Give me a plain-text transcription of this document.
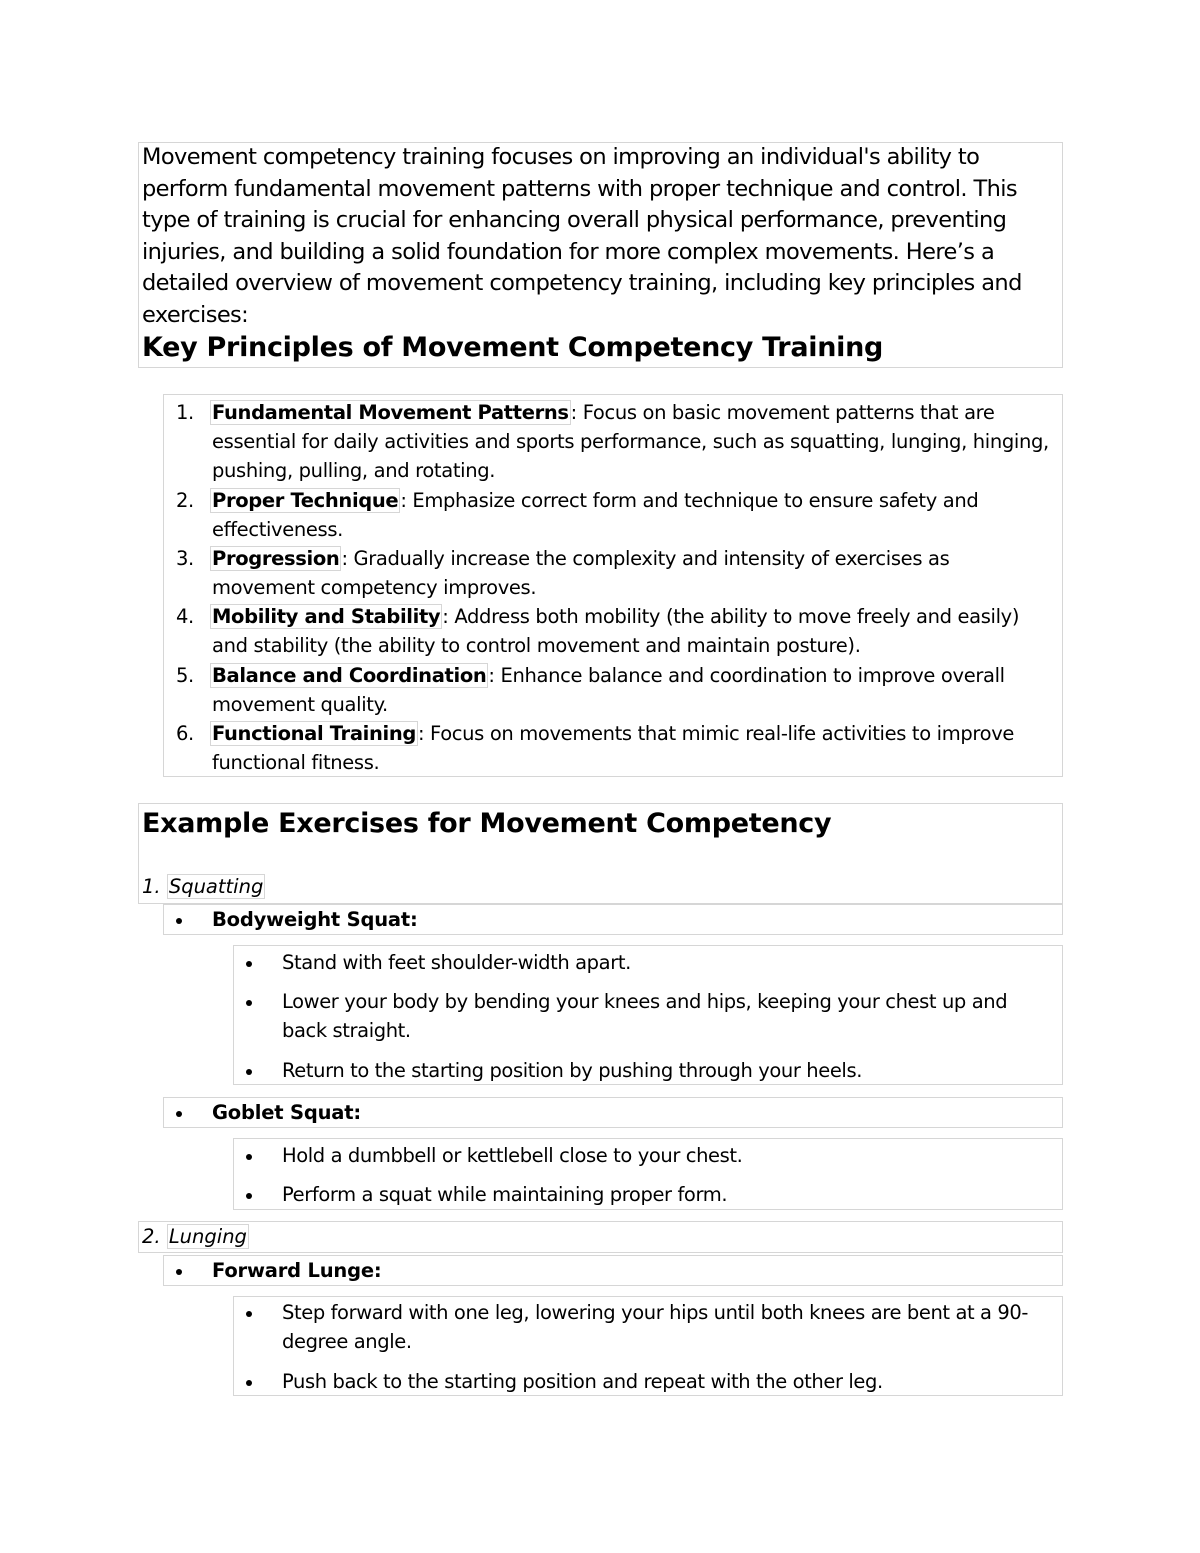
Movement competency training focuses on improving an individual's ability to perform fundamental movement patterns with proper technique and control. This type of training is crucial for enhancing overall physical performance, preventing injuries, and building a solid foundation for more complex movements. Here’s a detailed overview of movement competency training, including key principles and exercises:

Key Principles of Movement Competency Training
1. Fundamental Movement Patterns : Focus on basic movement patterns that are essential for daily activities and sports performance, such as squatting, lunging, hinging, pushing, pulling, and rotating.
2. Proper Technique : Emphasize correct form and technique to ensure safety and effectiveness.
3. Progression : Gradually increase the complexity and intensity of exercises as movement competency improves.
4. Mobility and Stability : Address both mobility (the ability to move freely and easily) and stability (the ability to control movement and maintain posture).
5. Balance and Coordination : Enhance balance and coordination to improve overall movement quality.
6. Functional Training : Focus on movements that mimic real-life activities to improve functional fitness.
Example Exercises for Movement Competency
1. Squatting
Bodyweight Squat:
Stand with feet shoulder-width apart.
Lower your body by bending your knees and hips, keeping your chest up and back straight.
Return to the starting position by pushing through your heels.
Goblet Squat:
Hold a dumbbell or kettlebell close to your chest.
Perform a squat while maintaining proper form.
2. Lunging
Forward Lunge:
Step forward with one leg, lowering your hips until both knees are bent at a 90-degree angle.
Push back to the starting position and repeat with the other leg.
